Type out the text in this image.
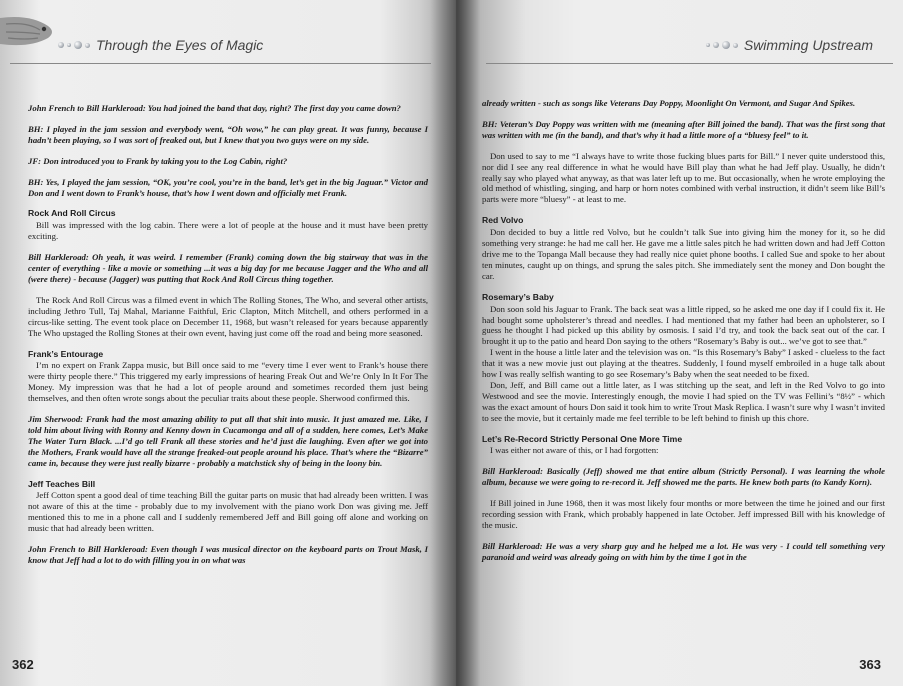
Through the Eyes of Magic

John French to Bill Harkleroad: You had joined the band that day, right? The first day you came down?

BH: I played in the jam session and everybody went, “Oh wow,” he can play great. It was funny, because I hadn’t been playing, so I was sort of freaked out, but I knew that you two guys were on my side.

JF: Don introduced you to Frank by taking you to the Log Cabin, right?

BH: Yes, I played the jam session, “OK, you’re cool, you’re in the band, let’s get in the big Jaguar.” Victor and Don and I went down to Frank’s house, that’s how I went down and officially met Frank.

Rock And Roll Circus

Bill was impressed with the log cabin. There were a lot of people at the house and it must have been pretty exciting.

Bill Harkleroad: Oh yeah, it was weird. I remember (Frank) coming down the big stairway that was in the center of everything - like a movie or something ...it was a big day for me because Jagger and the Who and all (were there) - because (Jagger) was putting that Rock And Roll Circus thing together.

The Rock And Roll Circus was a filmed event in which The Rolling Stones, The Who, and several other artists, including Jethro Tull, Taj Mahal, Marianne Faithful, Eric Clapton, Mitch Mitchell, and others performed in a circus-like setting. The event took place on December 11, 1968, but wasn’t released for years because apparently The Who upstaged the Rolling Stones at their own event, having just come off the road and being more seasoned.

Frank’s Entourage

I’m no expert on Frank Zappa music, but Bill once said to me “every time I ever went to Frank’s house there were thirty people there.” This triggered my early impressions of hearing Freak Out and We’re Only In It For The Money. My impression was that he had a lot of people around and sometimes recorded them just being themselves, and then often wrote songs about the peculiar traits about these people. Sherwood confirmed this.

Jim Sherwood: Frank had the most amazing ability to put all that shit into music. It just amazed me. Like, I told him about living with Ronny and Kenny down in Cucamonga and all of a sudden, here comes, Let’s Make The Water Turn Black. ...I’d go tell Frank all these stories and he’d just die laughing. Even after we got into the Mothers, Frank would have all the strange freaked-out people around his place. That’s where the “Bizarre” came in, because they were just really bizarre - probably a matchstick shy of being in the loony bin.

Jeff Teaches Bill

Jeff Cotton spent a good deal of time teaching Bill the guitar parts on music that had already been written. I was not aware of this at the time - probably due to my involvement with the piano work Don was giving me. Jeff mentioned this to me in a phone call and I suddenly remembered Jeff and Bill going off alone and working on music that had already been written.

John French to Bill Harkleroad: Even though I was musical director on the keyboard parts on Trout Mask, I know that Jeff had a lot to do with filling you in on what was

362
Swimming Upstream

already written - such as songs like Veterans Day Poppy, Moonlight On Vermont, and Sugar And Spikes.

BH: Veteran’s Day Poppy was written with me (meaning after Bill joined the band). That was the first song that was written with me (in the band), and that’s why it had a little more of a “bluesy feel” to it.

Don used to say to me “I always have to write those fucking blues parts for Bill.” I never quite understood this, nor did I see any real difference in what he would have Bill play than what he had Jeff play. Usually, he didn’t really say who played what anyway, as that was later left up to me. But occasionally, when he wrote employing the old method of whistling, singing, and harp or horn notes combined with verbal instruction, it didn’t seem like Bill’s parts were more “bluesy” - at least to me.

Red Volvo

Don decided to buy a little red Volvo, but he couldn’t talk Sue into giving him the money for it, so he did something very strange: he had me call her. He gave me a little sales pitch he had written down and had Jeff Cotton drive me to the Topanga Mall because they had really nice quiet phone booths. I called Sue and spoke to her about ten minutes, caught up on things, and sprung the sales pitch. She immediately sent the money and Don bought the car.

Rosemary’s Baby

Don soon sold his Jaguar to Frank. The back seat was a little ripped, so he asked me one day if I could fix it. He had bought some upholsterer’s thread and needles. I had mentioned that my father had been an upholsterer, so I guess he thought I had picked up this ability by osmosis. I said I’d try, and took the back seat out of the car. I brought it up to the patio and heard Don saying to the others “Rosemary’s Baby is out... we’ve got to see that.”

I went in the house a little later and the television was on. “Is this Rosemary’s Baby” I asked - clueless to the fact that it was a new movie just out playing at the theatres. Suddenly, I found myself embroiled in a huge talk about how I was really selfish wanting to go see Rosemary’s Baby when the seat needed to be fixed.

Don, Jeff, and Bill came out a little later, as I was stitching up the seat, and left in the Red Volvo to go into Westwood and see the movie. Interestingly enough, the movie I had spied on the TV was Fellini’s “8½” - which was the exact amount of hours Don said it took him to write Trout Mask Replica. I wasn’t sure why I wasn’t invited to see the movie, but it certainly made me feel terrible to be left behind to finish up this chore.

Let’s Re-Record Strictly Personal One More Time

I was either not aware of this, or I had forgotten:

Bill Harkleroad: Basically (Jeff) showed me that entire album (Strictly Personal). I was learning the whole album, because we were going to re-record it. Jeff showed me the parts. He knew both parts (to Kandy Korn).

If Bill joined in June 1968, then it was most likely four months or more between the time he joined and our first recording session with Frank, which probably happened in late October. Jeff impressed Bill with his knowledge of the music.

Bill Harkleroad: He was a very sharp guy and he helped me a lot. He was very - I could tell something very paranoid and weird was already going on with him by the time I got in the

363
